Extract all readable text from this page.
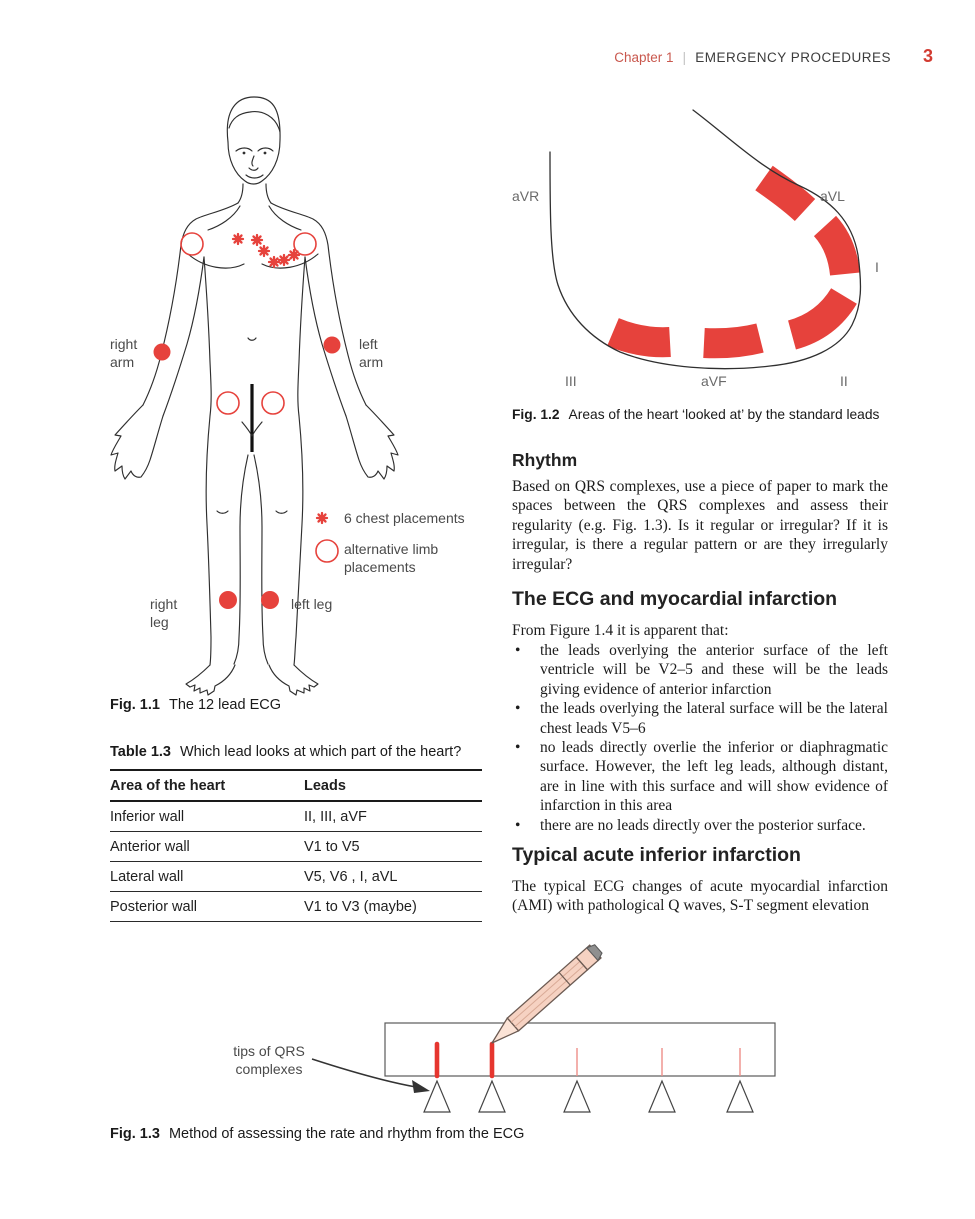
Chapter 1 | EMERGENCY PROCEDURES 3
right arm
left arm
right leg
left leg
6 chest placements
alternative limb placements
Fig. 1.1 The 12 lead ECG
Table 1.3 Which lead looks at which part of the heart?
Area of the heart	Leads
Inferior wall	II, III, aVF
Anterior wall	V1 to V5
Lateral wall	V5, V6 , I, aVL
Posterior wall	V1 to V3 (maybe)
aVR	aVL
I
III	aVF	II
Fig. 1.2 Areas of the heart ‘looked at’ by the standard leads
Rhythm
Based on QRS complexes, use a piece of paper to mark the spaces between the QRS complexes and assess their regularity (e.g. Fig. 1.3). Is it regular or irregular? If it is irregular, is there a regular pattern or are they irregularly irregular?
The ECG and myocardial infarction
From Figure 1.4 it is apparent that:
• the leads overlying the anterior surface of the left ventricle will be V2–5 and these will be the leads giving evidence of anterior infarction
• the leads overlying the lateral surface will be the lateral chest leads V5–6
• no leads directly overlie the inferior or diaphragmatic surface. However, the left leg leads, although distant, are in line with this surface and will show evidence of infarction in this area
• there are no leads directly over the posterior surface.
Typical acute inferior infarction
The typical ECG changes of acute myocardial infarction (AMI) with pathological Q waves, S-T segment elevation
tips of QRS complexes
Fig. 1.3 Method of assessing the rate and rhythm from the ECG
